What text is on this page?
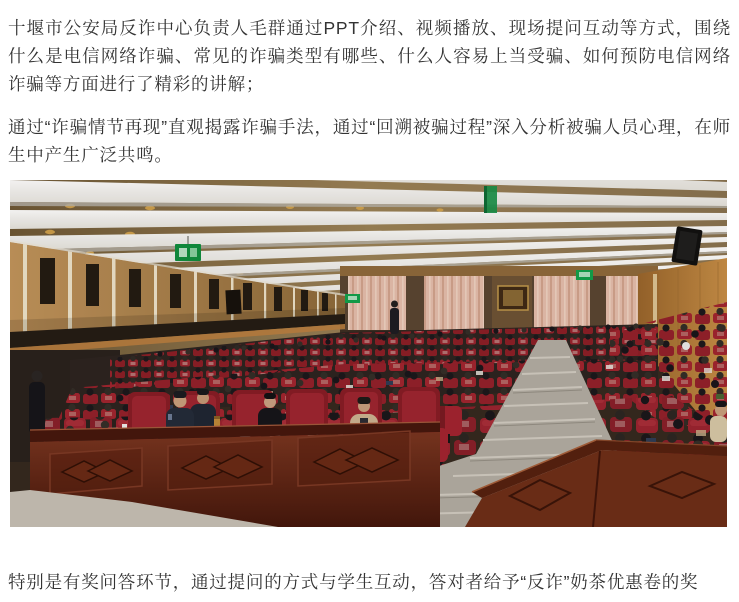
十堰市公安局反诈中心负责人毛群通过PPT介绍、视频播放、现场提问互动等方式，围绕什么是电信网络诈骗、常见的诈骗类型有哪些、什么人容易上当受骗、如何预防电信网络诈骗等方面进行了精彩的讲解；

通过“诈骗情节再现”直观揭露诈骗手法，通过“回溯被骗过程”深入分析被骗人员心理，在师生中产生广泛共鸣。

特别是有奖问答环节，通过提问的方式与学生互动，答对者给予“反诈”奶茶优惠卷的奖
